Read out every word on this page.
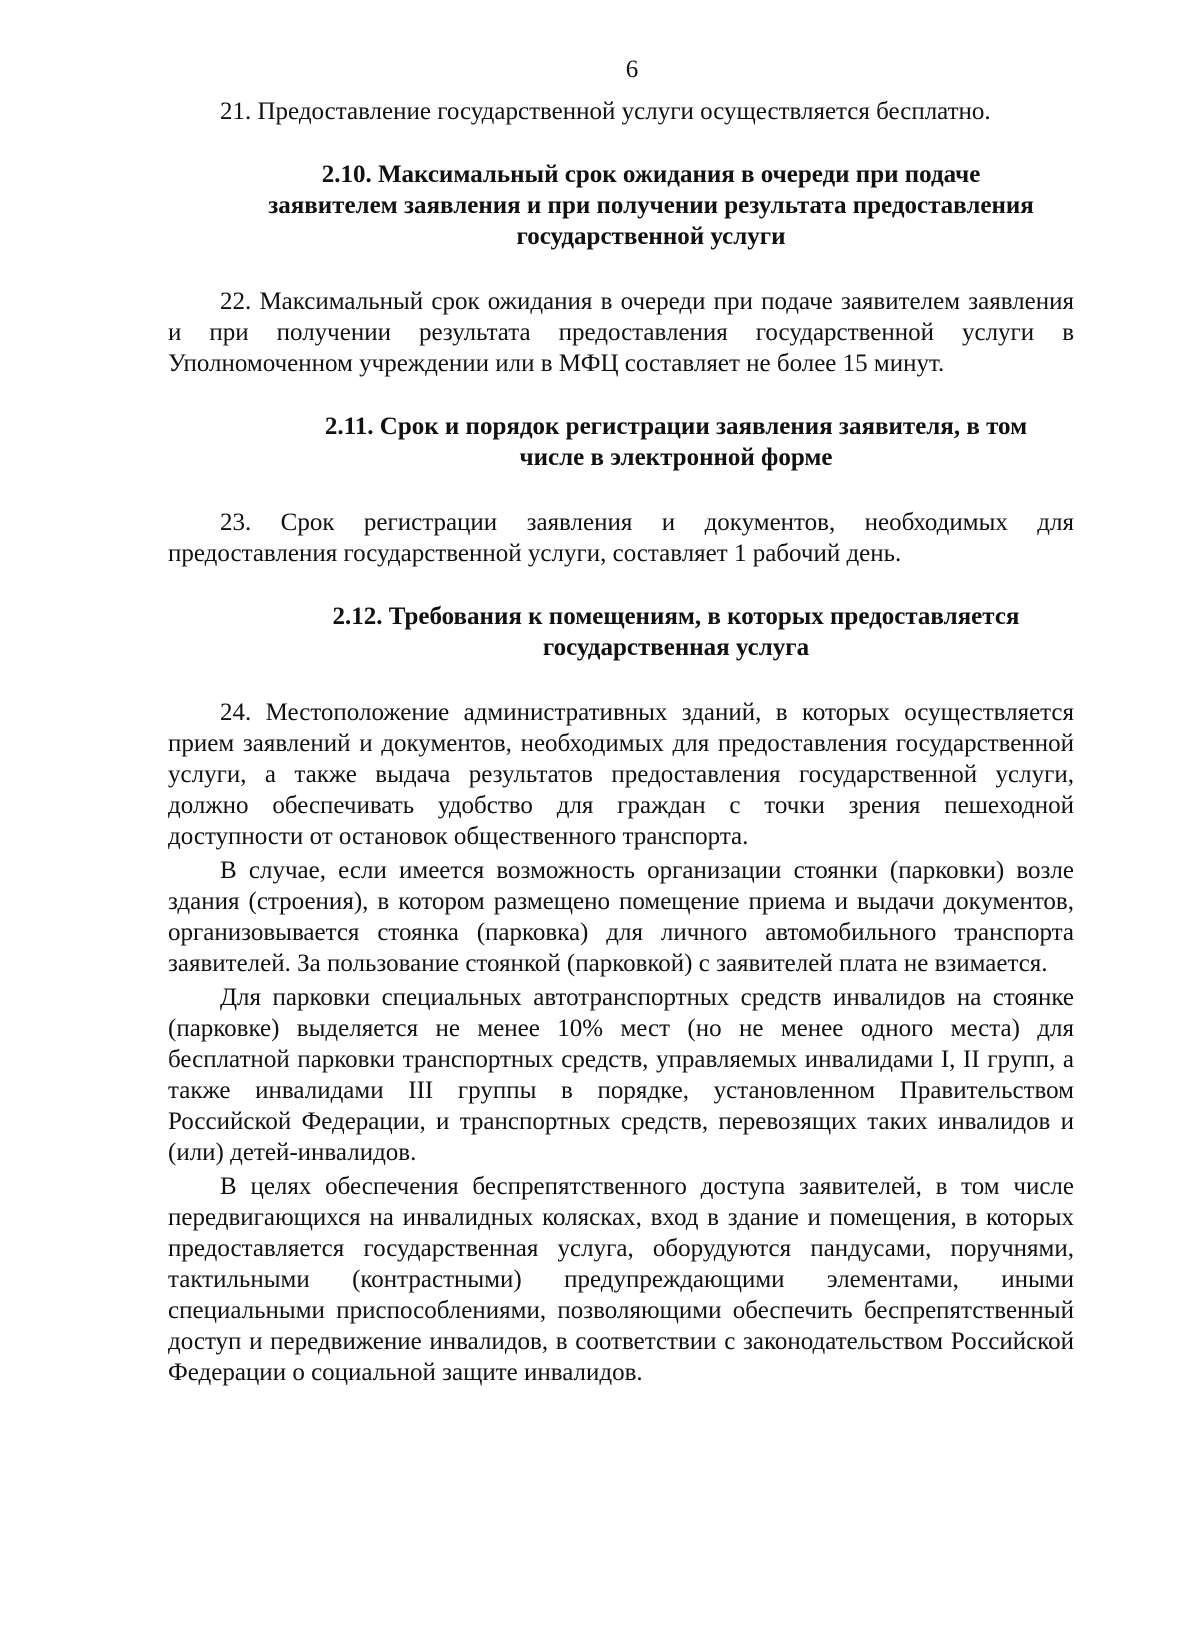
6

21. Предоставление государственной услуги осуществляется бесплатно.

2.10. Максимальный срок ожидания в очереди при подаче
заявителем заявления и при получении результата предоставления
государственной услуги

22. Максимальный срок ожидания в очереди при подаче заявителем заявления и при получении результата предоставления государственной услуги в Уполномоченном учреждении или в МФЦ составляет не более 15 минут.

2.11. Срок и порядок регистрации заявления заявителя, в том
числе в электронной форме

23. Срок регистрации заявления и документов, необходимых для предоставления государственной услуги, составляет 1 рабочий день.

2.12. Требования к помещениям, в которых предоставляется
государственная услуга

24. Местоположение административных зданий, в которых осуществляется прием заявлений и документов, необходимых для предоставления государственной услуги, а также выдача результатов предоставления государственной услуги, должно обеспечивать удобство для граждан с точки зрения пешеходной доступности от остановок общественного транспорта.

В случае, если имеется возможность организации стоянки (парковки) возле здания (строения), в котором размещено помещение приема и выдачи документов, организовывается стоянка (парковка) для личного автомобильного транспорта заявителей. За пользование стоянкой (парковкой) с заявителей плата не взимается.

Для парковки специальных автотранспортных средств инвалидов на стоянке (парковке) выделяется не менее 10% мест (но не менее одного места) для бесплатной парковки транспортных средств, управляемых инвалидами I, II групп, а также инвалидами III группы в порядке, установленном Правительством Российской Федерации, и транспортных средств, перевозящих таких инвалидов и (или) детей-инвалидов.

В целях обеспечения беспрепятственного доступа заявителей, в том числе передвигающихся на инвалидных колясках, вход в здание и помещения, в которых предоставляется государственная услуга, оборудуются пандусами, поручнями, тактильными (контрастными) предупреждающими элементами, иными специальными приспособлениями, позволяющими обеспечить беспрепятственный доступ и передвижение инвалидов, в соответствии с законодательством Российской Федерации о социальной защите инвалидов.
